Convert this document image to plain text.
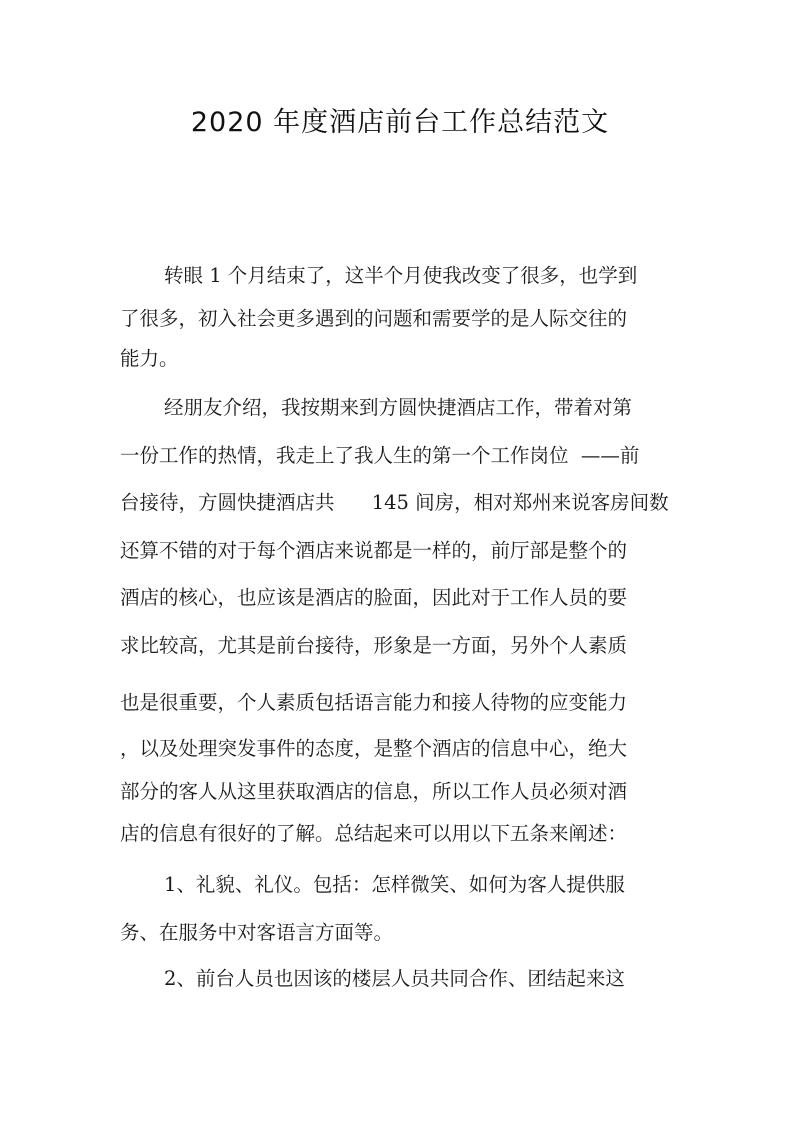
2020 年度酒店前台工作总结范文
转眼 1 个月结束了，这半个月使我改变了很多，也学到
了很多，初入社会更多遇到的问题和需要学的是人际交往的
能力。
经朋友介绍，我按期来到方圆快捷酒店工作，带着对第
一份工作的热情，我走上了我人生的第一个工作岗位  ——前
台接待，方圆快捷酒店共      145 间房，相对郑州来说客房间数
还算不错的对于每个酒店来说都是一样的，前厅部是整个的
酒店的核心，也应该是酒店的脸面，因此对于工作人员的要
求比较高，尤其是前台接待，形象是一方面，另外个人素质
也是很重要，个人素质包括语言能力和接人待物的应变能力
，以及处理突发事件的态度，是整个酒店的信息中心，绝大
部分的客人从这里获取酒店的信息，所以工作人员必须对酒
店的信息有很好的了解。总结起来可以用以下五条来阐述：
1、礼貌、礼仪。包括：怎样微笑、如何为客人提供服
务、在服务中对客语言方面等。
2、前台人员也因该的楼层人员共同合作、团结起来这
